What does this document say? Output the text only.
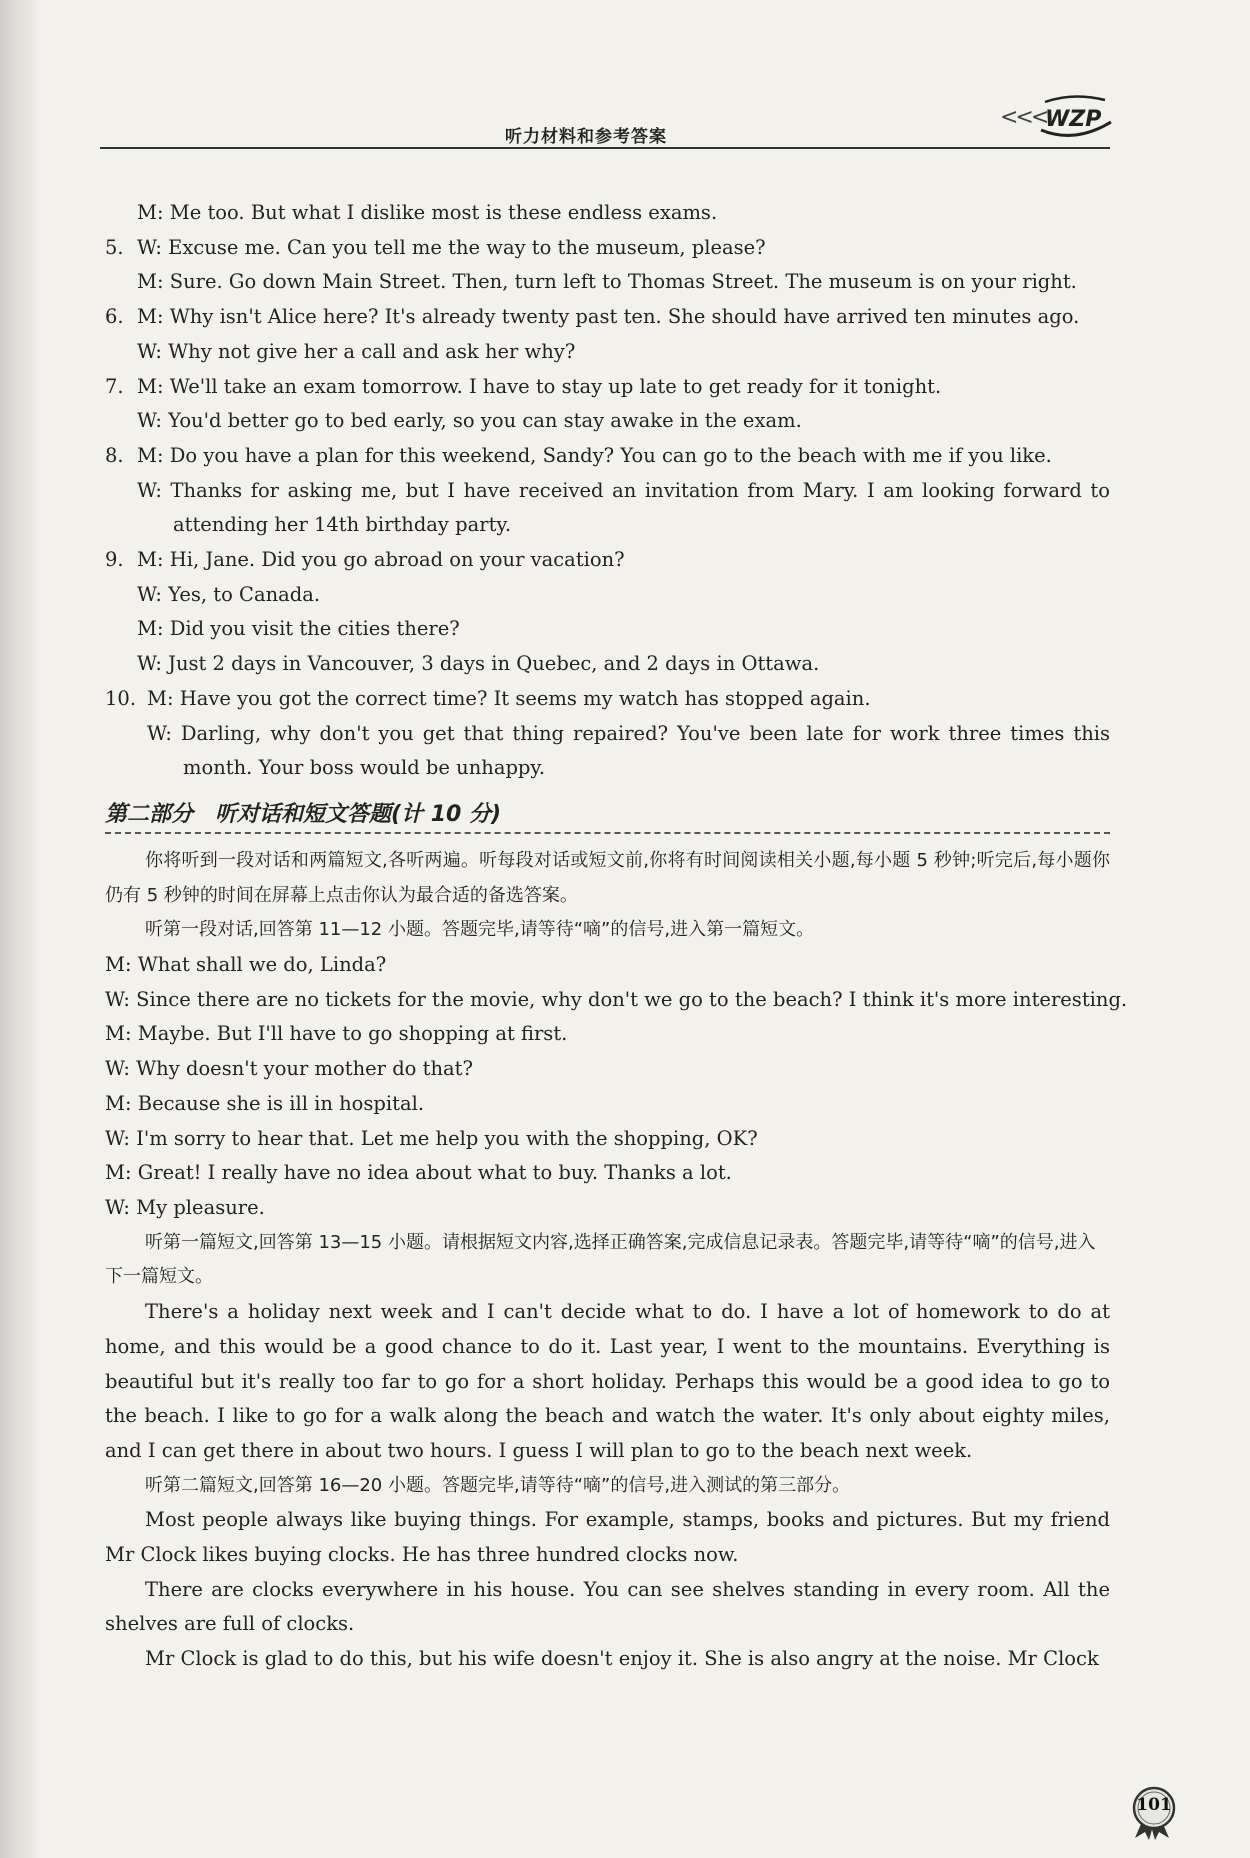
听力材料和参考答案
<<<
WZP
M: Me too. But what I dislike most is these endless exams.
5. W: Excuse me. Can you tell me the way to the museum, please?
M: Sure. Go down Main Street. Then, turn left to Thomas Street. The museum is on your right.
6. M: Why isn't Alice here? It's already twenty past ten. She should have arrived ten minutes ago.
W: Why not give her a call and ask her why?
7. M: We'll take an exam tomorrow. I have to stay up late to get ready for it tonight.
W: You'd better go to bed early, so you can stay awake in the exam.
8. M: Do you have a plan for this weekend, Sandy? You can go to the beach with me if you like.
W: Thanks for asking me, but I have received an invitation from Mary. I am looking forward to attending her 14th birthday party.
9. M: Hi, Jane. Did you go abroad on your vacation?
W: Yes, to Canada.
M: Did you visit the cities there?
W: Just 2 days in Vancouver, 3 days in Quebec, and 2 days in Ottawa.
10. M: Have you got the correct time? It seems my watch has stopped again.
W: Darling, why don't you get that thing repaired? You've been late for work three times this month. Your boss would be unhappy.
第二部分　听对话和短文答题(计 10 分)
你将听到一段对话和两篇短文,各听两遍。听每段对话或短文前,你将有时间阅读相关小题,每小题 5 秒钟;听完后,每小题你仍有 5 秒钟的时间在屏幕上点击你认为最合适的备选答案。
听第一段对话,回答第 11—12 小题。答题完毕,请等待“嘀”的信号,进入第一篇短文。
M: What shall we do, Linda?
W: Since there are no tickets for the movie, why don't we go to the beach? I think it's more interesting.
M: Maybe. But I'll have to go shopping at first.
W: Why doesn't your mother do that?
M: Because she is ill in hospital.
W: I'm sorry to hear that. Let me help you with the shopping, OK?
M: Great! I really have no idea about what to buy. Thanks a lot.
W: My pleasure.
听第一篇短文,回答第 13—15 小题。请根据短文内容,选择正确答案,完成信息记录表。答题完毕,请等待“嘀”的信号,进入下一篇短文。
There's a holiday next week and I can't decide what to do. I have a lot of homework to do at home, and this would be a good chance to do it. Last year, I went to the mountains. Everything is beautiful but it's really too far to go for a short holiday. Perhaps this would be a good idea to go to the beach. I like to go for a walk along the beach and watch the water. It's only about eighty miles, and I can get there in about two hours. I guess I will plan to go to the beach next week.
听第二篇短文,回答第 16—20 小题。答题完毕,请等待“嘀”的信号,进入测试的第三部分。
Most people always like buying things. For example, stamps, books and pictures. But my friend Mr Clock likes buying clocks. He has three hundred clocks now.
There are clocks everywhere in his house. You can see shelves standing in every room. All the shelves are full of clocks.
Mr Clock is glad to do this, but his wife doesn't enjoy it. She is also angry at the noise. Mr Clock
101
